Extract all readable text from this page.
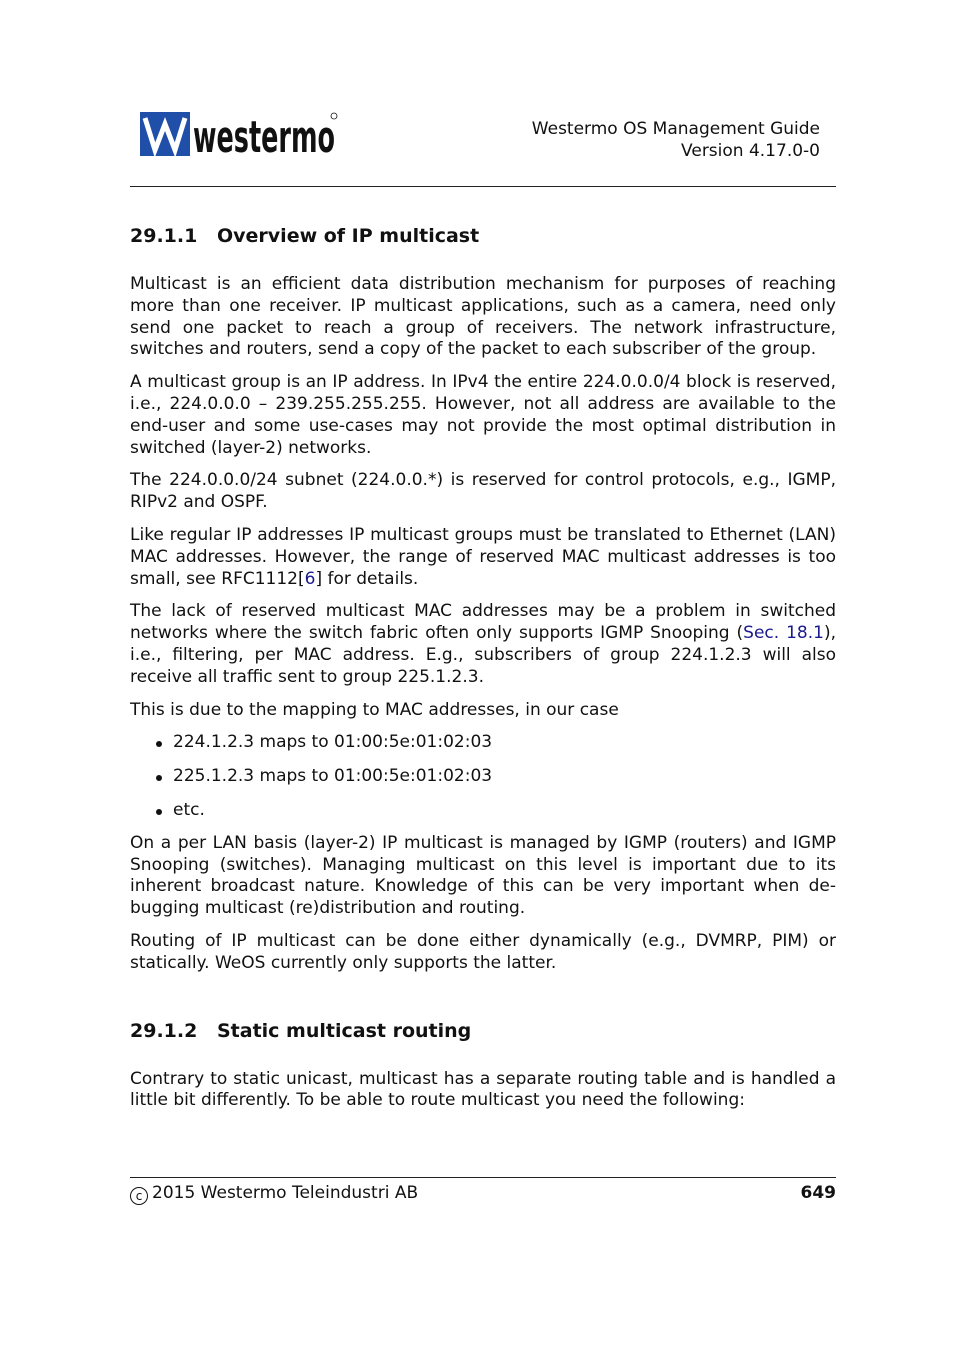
westermo	Westermo OS Management Guide
Version 4.17.0-0
29.1.1 Overview of IP multicast

Multicast is an efficient data distribution mechanism for purposes of reaching more than one receiver. IP multicast applications, such as a camera, need only send one packet to reach a group of receivers. The network infrastructure, switches and routers, send a copy of the packet to each subscriber of the group.

A multicast group is an IP address. In IPv4 the entire 224.0.0.0/4 block is reserved, i.e., 224.0.0.0 – 239.255.255.255. However, not all address are available to the end-user and some use-cases may not provide the most optimal distribution in switched (layer-2) networks.

The 224.0.0.0/24 subnet (224.0.0.*) is reserved for control protocols, e.g., IGMP, RIPv2 and OSPF.

Like regular IP addresses IP multicast groups must be translated to Ethernet (LAN) MAC addresses. However, the range of reserved MAC multicast addresses is too small, see RFC1112[6] for details.

The lack of reserved multicast MAC addresses may be a problem in switched networks where the switch fabric often only supports IGMP Snooping (Sec. 18.1), i.e., filtering, per MAC address. E.g., subscribers of group 224.1.2.3 will also receive all traffic sent to group 225.1.2.3.

This is due to the mapping to MAC addresses, in our case

224.1.2.3 maps to 01:00:5e:01:02:03
225.1.2.3 maps to 01:00:5e:01:02:03
etc.

On a per LAN basis (layer-2) IP multicast is managed by IGMP (routers) and IGMP Snooping (switches). Managing multicast on this level is important due to its inherent broadcast nature. Knowledge of this can be very important when de-bugging multicast (re)distribution and routing.

Routing of IP multicast can be done either dynamically (e.g., DVMRP, PIM) or statically. WeOS currently only supports the latter.

29.1.2 Static multicast routing

Contrary to static unicast, multicast has a separate routing table and is handled a little bit differently. To be able to route multicast you need the following:

c 2015 Westermo Teleindustri AB	649
